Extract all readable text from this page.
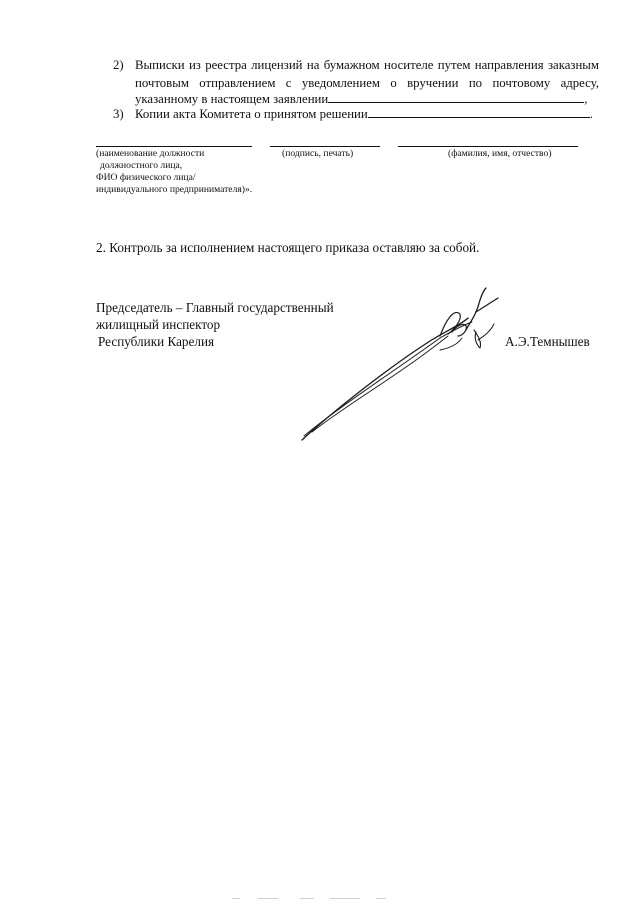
2) Выписки из реестра лицензий на бумажном носителе путем направления заказным
почтовым отправлением с уведомлением о вручении по почтовому адресу,
указанному в настоящем заявлении	,
3) Копии акта Комитета о принятом решении	.
(наименование должности
должностного лица,
ФИО физического лица/
индивидуального предпринимателя)».
(подпись, печать)	(фамилия, имя, отчество)
2. Контроль за исполнением настоящего приказа оставляю за собой.
Председатель – Главный государственный
жилищный инспектор
Республики Карелия	А.Э.Темнышев
